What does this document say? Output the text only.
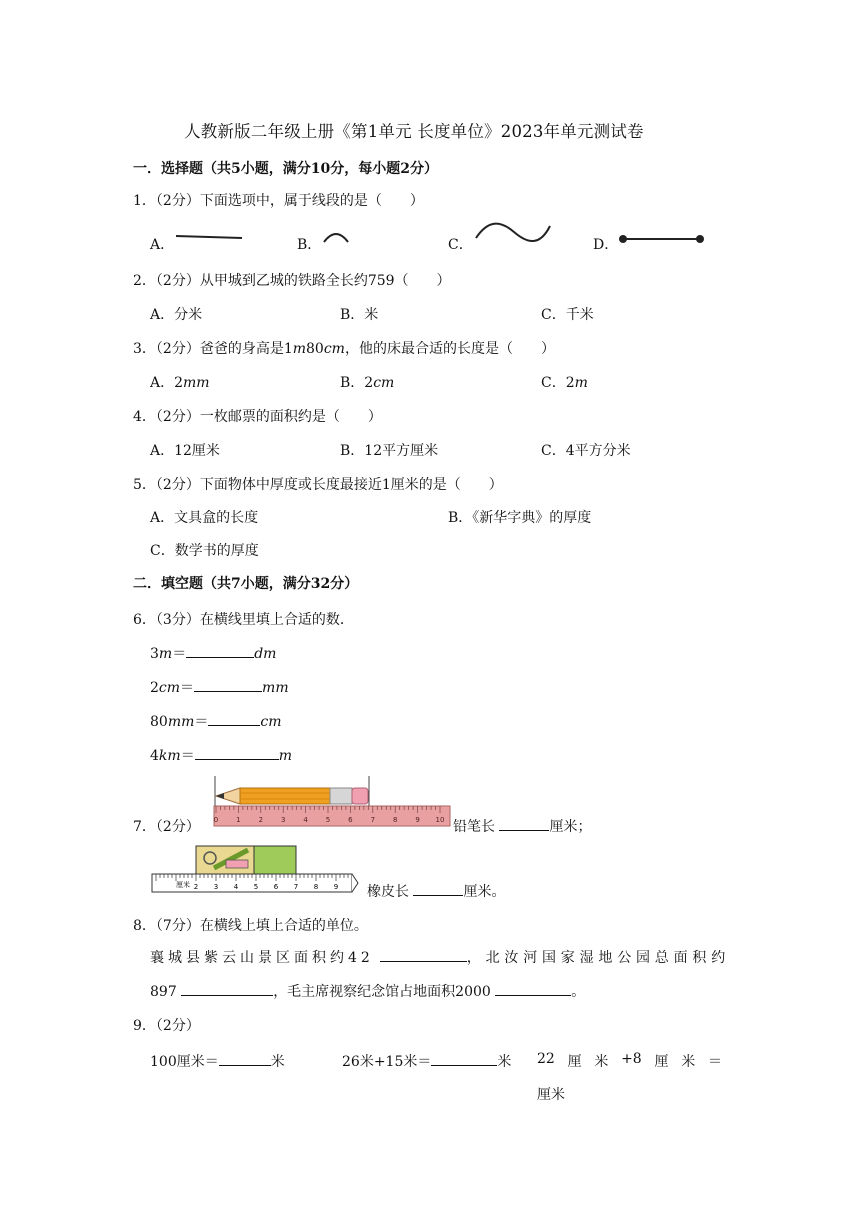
人教新版二年级上册《第1单元 长度单位》2023年单元测试卷
一．选择题（共5小题，满分10分，每小题2分）
1．（2分）下面选项中，属于线段的是（　　）
A．	B．	C．	D．
2．（2分）从甲城到乙城的铁路全长约759（　　）
A．分米	B．米	C．千米
3．（2分）爸爸的身高是1m80cm，他的床最合适的长度是（　　）
A．2mm	B．2cm	C．2m
4．（2分）一枚邮票的面积约是（　　）
A．12厘米	B．12平方厘米	C．4平方分米
5．（2分）下面物体中厚度或长度最接近1厘米的是（　　）
A．文具盒的长度	B．《新华字典》的厚度
C．数学书的厚度
二．填空题（共7小题，满分32分）
6．（3分）在横线里填上合适的数．
3m＝	dm
2cm＝	mm
80mm＝	cm
4km＝	m
7．（2分） 0	1	2	3	4	5	6	7	8	9 10 铅笔长	厘米；
厘米 2 3 4 5 6 7 8 9 橡皮长	厘米。
8．（7分）在横线上填上合适的单位。
襄城县紫云山景区面积约42	，北汝河国家湿地公园总面积约
897	，毛主席视察纪念馆占地面积2000	。
9．（2分）
100厘米＝	米	26米+15米＝	米 22 厘 米 +8 厘 米 ＝
厘米
